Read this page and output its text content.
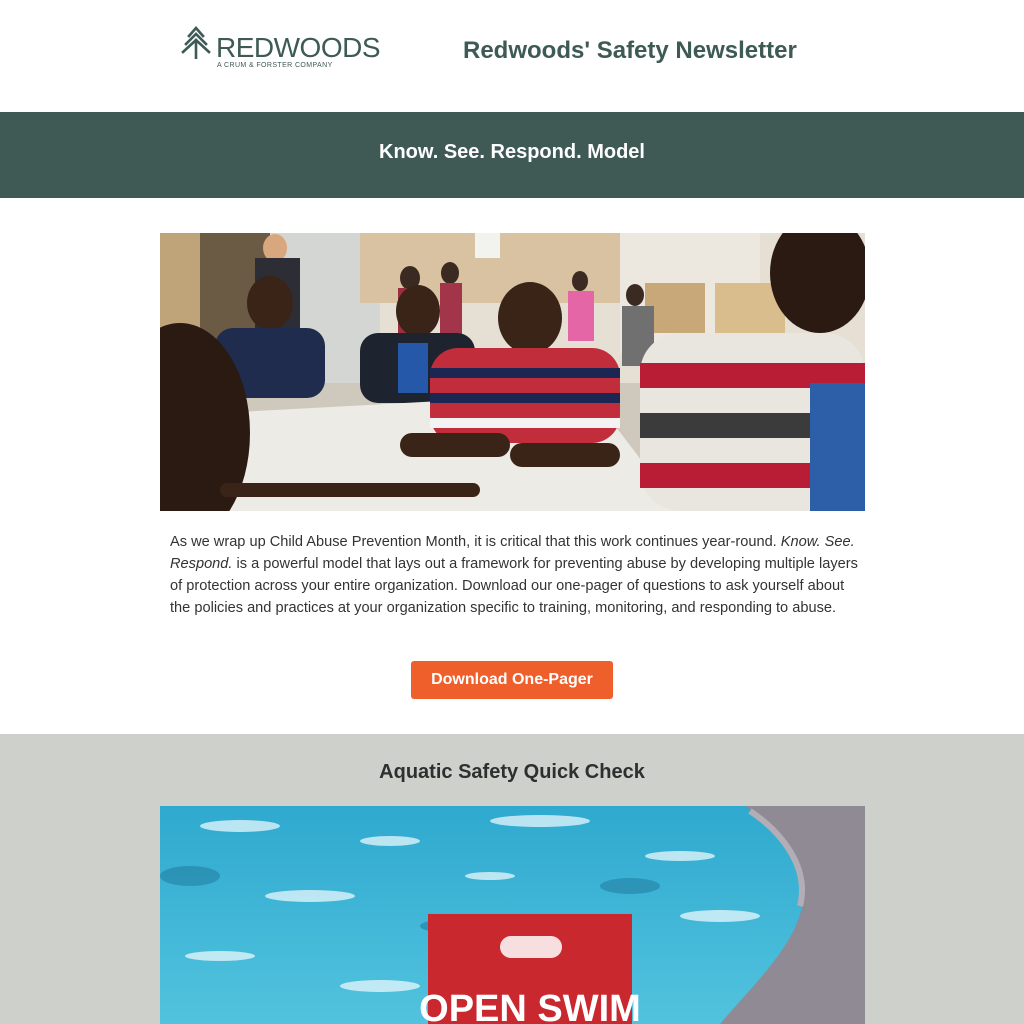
REDWOODS
A CRUM & FORSTER COMPANY
Redwoods' Safety Newsletter
Know. See. Respond. Model

As we wrap up Child Abuse Prevention Month, it is critical that this work continues year-round. Know. See. Respond. is a powerful model that lays out a framework for preventing abuse by developing multiple layers of protection across your entire organization. Download our one-pager of questions to ask yourself about the policies and practices at your organization specific to training, monitoring, and responding to abuse.

Download One-Pager
Aquatic Safety Quick Check
OPEN SWIM
